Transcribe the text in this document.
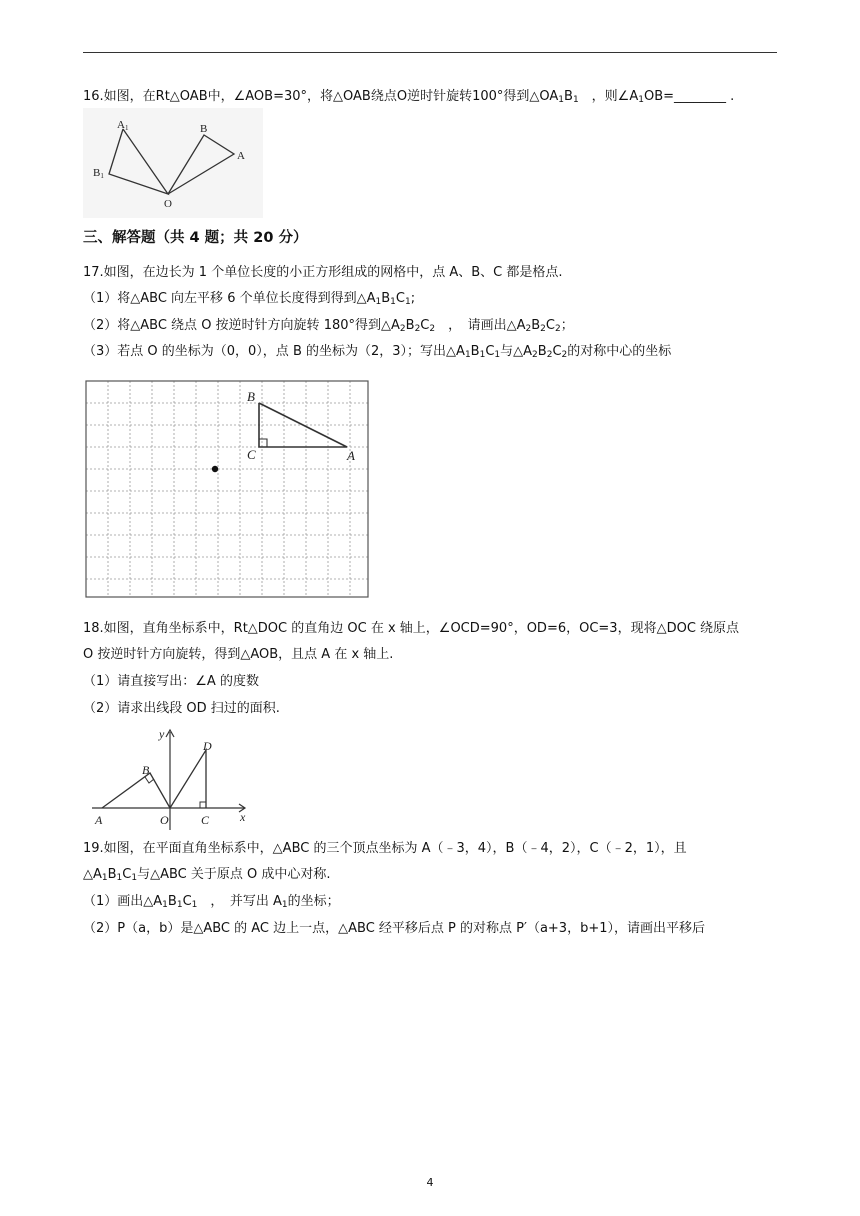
16.如图，在Rt△OAB中，∠AOB=30°，将△OAB绕点O逆时针旋转100°得到$\triangle OA_1B_1$　，则$\angle A_1OB=\_\_\_\_\_\_\_\_$ .
A1	B
A
B1
O
三、解答题（共 4 题；共 20 分）
17.如图，在边长为 1 个单位长度的小正方形组成的网格中，点 A、B、C 都是格点.
（1）将△ABC 向左平移 6 个单位长度得到得到$\triangle A_1B_1C_1$;
（2）将△ABC 绕点 O 按逆时针方向旋转 180°得到$\triangle A_2B_2C_2$　，　请画出$\triangle A_2B_2C_2$；
（3）若点 O 的坐标为（0，0），点 B 的坐标为（2，3）；写出$\triangle A_1B_1C_1$与$\triangle A_2B_2C_2$的对称中心的坐标
B
C	A
18.如图，直角坐标系中，Rt△DOC 的直角边 OC 在 x 轴上，∠OCD=90°，OD=6，OC=3，现将△DOC 绕原点
O 按逆时针方向旋转，得到△AOB，且点 A 在 x 轴上.
（1）请直接写出：∠A 的度数
（2）请求出线段 OD 扫过的面积.
y
x
D
B
A	O	C
19.如图，在平面直角坐标系中，△ABC 的三个顶点坐标为 A（﹣3，4），B（﹣4，2），C（﹣2，1），且
$\triangle A_1B_1C_1$与△ABC 关于原点 O 成中心对称.
（1）画出$\triangle A_1B_1C_1$　，　并写出 $A_1$的坐标；
（2）P（a，b）是△ABC 的 AC 边上一点，△ABC 经平移后点 P 的对称点 P′（a+3，b+1），请画出平移后
4
